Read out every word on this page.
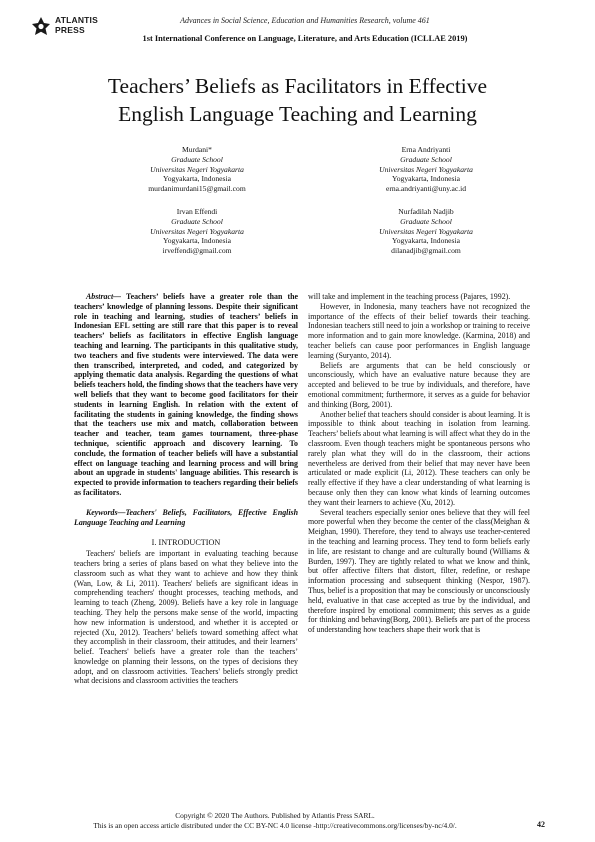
ATLANTIS
PRESS
Advances in Social Science, Education and Humanities Research, volume 461
1st International Conference on Language, Literature, and Arts Education (ICLLAE 2019)
Teachers’ Beliefs as Facilitators in Effective
English Language Teaching and Learning
Murdani*
Graduate School
Universitas Negeri Yogyakarta
Yogyakarta, Indonesia
murdanimurdani15@gmail.com
Erna Andriyanti
Graduate School
Universitas Negeri Yogyakarta
Yogyakarta, Indonesia
erna.andriyanti@uny.ac.id
Irvan Effendi
Graduate School
Universitas Negeri Yogyakarta
Yogyakarta, Indonesia
irveffendi@gmail.com
Nurfadilah Nadjib
Graduate School
Universitas Negeri Yogyakarta
Yogyakarta, Indonesia
dilanadjib@gmail.com

Abstract— Teachers’ beliefs have a greater role than the teachers’ knowledge of planning lessons. Despite their significant role in teaching and learning, studies of teachers’ beliefs in Indonesian EFL setting are still rare that this paper is to reveal teachers’ beliefs as facilitators in effective English language teaching and learning. The participants in this qualitative study, two teachers and five students were interviewed. The data were then transcribed, interpreted, and coded, and categorized by applying thematic data analysis. Regarding the questions of what beliefs teachers hold, the finding shows that the teachers have very well beliefs that they want to become good facilitators for their students in learning English. In relation with the extent of facilitating the students in gaining knowledge, the finding shows that the teachers use mix and match, collaboration between teacher and teacher, team games tournament, three-phase technique, scientific approach and discovery learning. To conclude, the formation of teacher beliefs will have a substantial effect on language teaching and learning process and will bring about an upgrade in students' language abilities. This research is expected to provide information to teachers regarding their beliefs as facilitators.

Keywords—Teachers' Beliefs, Facilitators, Effective English Language Teaching and Learning

I. INTRODUCTION

Teachers' beliefs are important in evaluating teaching because teachers bring a series of plans based on what they believe into the classroom such as what they want to achieve and how they think (Wan, Low, & Li, 2011). Teachers' beliefs are significant ideas in comprehending teachers' thought processes, teaching methods, and learning to teach (Zheng, 2009). Beliefs have a key role in language teaching. They help the persons make sense of the world, impacting how new information is understood, and whether it is accepted or rejected (Xu, 2012). Teachers’ beliefs toward something affect what they accomplish in their classroom, their attitudes, and their learners’ belief. Teachers' beliefs have a greater role than the teachers’ knowledge on planning their lessons, on the types of decisions they adopt, and on classroom activities. Teachers' beliefs strongly predict what decisions and classroom activities the teachers

will take and implement in the teaching process (Pajares, 1992).

However, in Indonesia, many teachers have not recognized the importance of the effects of their belief towards their teaching. Indonesian teachers still need to join a workshop or training to receive more information and to gain more knowledge. (Karmina, 2018) and teacher beliefs can cause poor performances in English language learning (Suryanto, 2014).

Beliefs are arguments that can be held consciously or unconsciously, which have an evaluative nature because they are accepted and believed to be true by individuals, and therefore, have emotional commitment; furthermore, it serves as a guide for behavior and thinking (Borg, 2001).

Another belief that teachers should consider is about learning. It is impossible to think about teaching in isolation from learning. Teachers’ beliefs about what learning is will affect what they do in the classroom. Even though teachers might be spontaneous persons who rarely plan what they will do in the classroom, their actions nevertheless are derived from their belief that may never have been articulated or made explicit (Li, 2012). These teachers can only be really effective if they have a clear understanding of what learning is because only then they can know what kinds of learning outcomes they want their learners to achieve (Xu, 2012).

Several teachers especially senior ones believe that they will feel more powerful when they become the center of the class(Meighan & Meighan, 1990). Therefore, they tend to always use teacher-centered in the teaching and learning process. They tend to form beliefs early in life, are resistant to change and are culturally bound (Williams & Burden, 1997). They are tightly related to what we know and think, but offer affective filters that distort, filter, redefine, or reshape information processing and subsequent thinking (Nespor, 1987). Thus, belief is a proposition that may be consciously or unconsciously held, evaluative in that case accepted as true by the individual, and therefore inspired by emotional commitment; this serves as a guide for thinking and behaving(Borg, 2001). Beliefs are part of the process of understanding how teachers shape their work that is

Copyright © 2020 The Authors. Published by Atlantis Press SARL.
This is an open access article distributed under the CC BY-NC 4.0 license -http://creativecommons.org/licenses/by-nc/4.0/.	42
